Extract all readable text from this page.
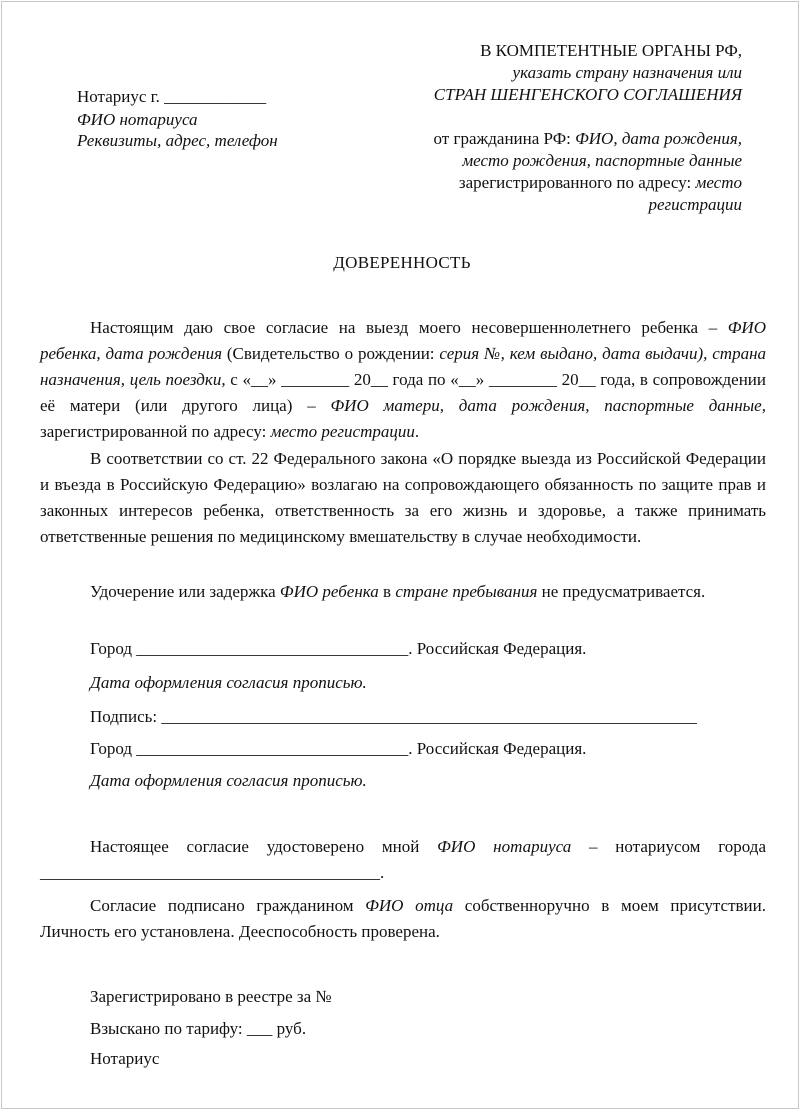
Нотариус г. ____________
ФИО нотариуса
Реквизиты, адрес, телефон
В КОМПЕТЕНТНЫЕ ОРГАНЫ РФ,
указать страну назначения или
СТРАН ШЕНГЕНСКОГО СОГЛАШЕНИЯ
от гражданина РФ: ФИО, дата рождения,
место рождения, паспортные данные
зарегистрированного по адресу: место
регистрации
ДОВЕРЕННОСТЬ
Настоящим даю свое согласие на выезд моего несовершеннолетнего ребенка – ФИО ребенка, дата рождения (Свидетельство о рождении: серия №, кем выдано, дата выдачи), страна назначения, цель поездки, с «__» ________ 20__ года по «__» ________ 20__ года, в сопровождении её матери (или другого лица) – ФИО матери, дата рождения, паспортные данные, зарегистрированной по адресу: место регистрации.
В соответствии со ст. 22 Федерального закона «О порядке выезда из Российской Федерации и въезда в Российскую Федерацию» возлагаю на сопровождающего обязанность по защите прав и законных интересов ребенка, ответственность за его жизнь и здоровье, а также принимать ответственные решения по медицинскому вмешательству в случае необходимости.
Удочерение или задержка ФИО ребенка в стране пребывания не предусматривается.
Город ________________________________. Российская Федерация.
Дата оформления согласия прописью.
Подпись: _______________________________________________________________
Город ________________________________. Российская Федерация.
Дата оформления согласия прописью.
Настоящее согласие удостоверено мной ФИО нотариуса – нотариусом города ________________________________________.
Согласие подписано гражданином ФИО отца собственноручно в моем присутствии. Личность его установлена. Дееспособность проверена.
Зарегистрировано в реестре за №
Взыскано по тарифу: ___ руб.
Нотариус
